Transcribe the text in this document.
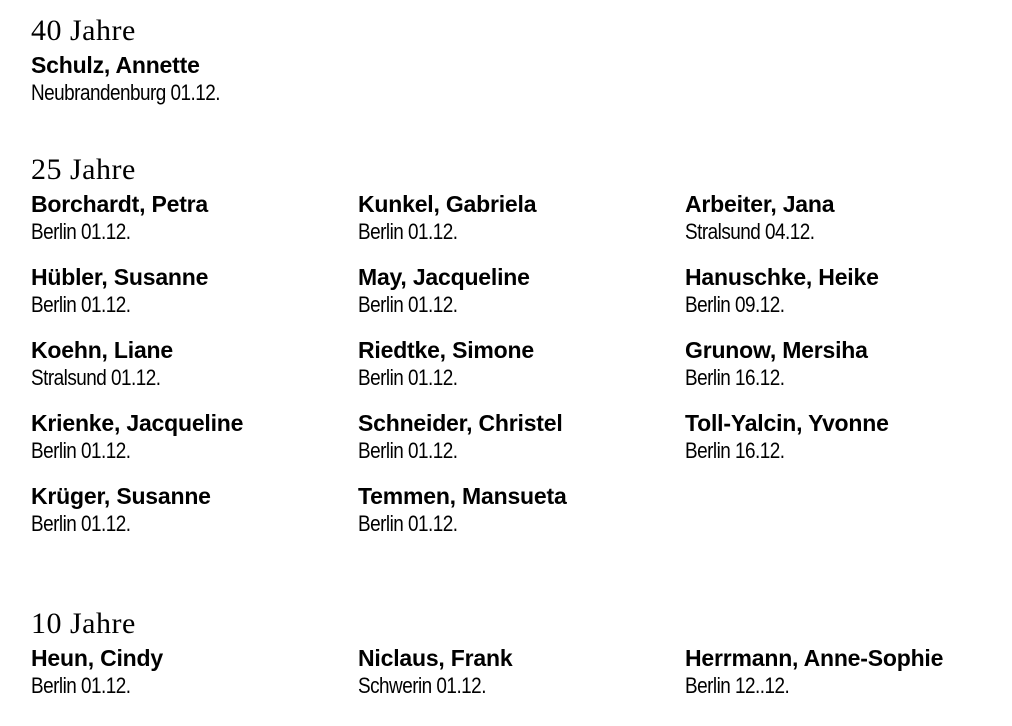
40 Jahre
Schulz, Annette
Neubrandenburg 01.12.
25 Jahre
Borchardt, Petra
Berlin 01.12.
Kunkel, Gabriela
Berlin 01.12.
Arbeiter, Jana
Stralsund 04.12.
Hübler, Susanne
Berlin 01.12.
May, Jacqueline
Berlin 01.12.
Hanuschke, Heike
Berlin 09.12.
Koehn, Liane
Stralsund 01.12.
Riedtke, Simone
Berlin 01.12.
Grunow, Mersiha
Berlin 16.12.
Krienke, Jacqueline
Berlin 01.12.
Schneider, Christel
Berlin 01.12.
Toll-Yalcin, Yvonne
Berlin 16.12.
Krüger, Susanne
Berlin 01.12.
Temmen, Mansueta
Berlin 01.12.
10 Jahre
Heun, Cindy
Berlin 01.12.
Niclaus, Frank
Schwerin 01.12.
Herrmann, Anne-Sophie
Berlin 12..12.
